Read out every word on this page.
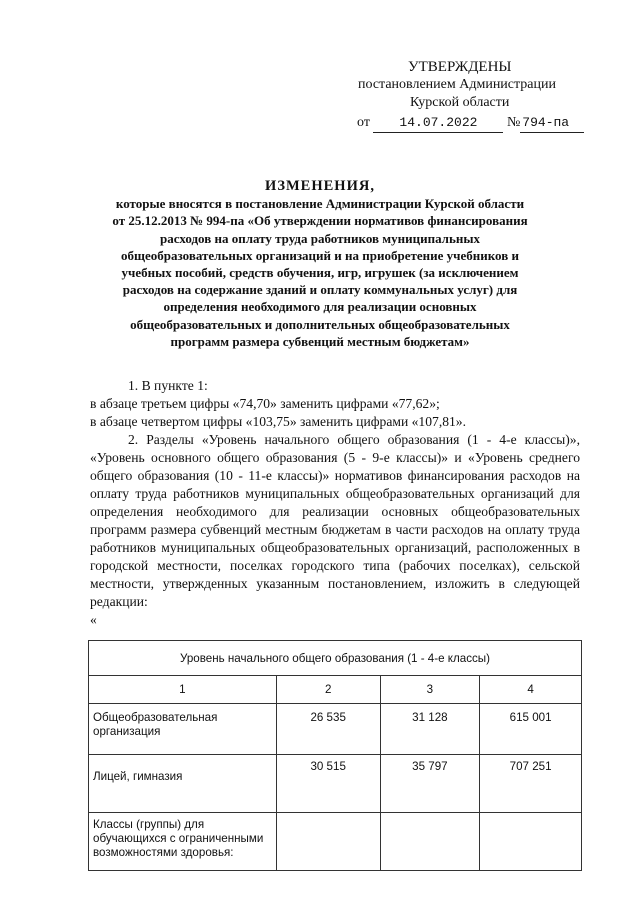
УТВЕРЖДЕНЫ
постановлением Администрации
Курской области
от 14.07.2022 № 794-па
ИЗМЕНЕНИЯ,
которые вносятся в постановление Администрации Курской области
от 25.12.2013 № 994-па «Об утверждении нормативов финансирования
расходов на оплату труда работников муниципальных
общеобразовательных организаций и на приобретение учебников и
учебных пособий, средств обучения, игр, игрушек (за исключением
расходов на содержание зданий и оплату коммунальных услуг) для
определения необходимого для реализации основных
общеобразовательных и дополнительных общеобразовательных
программ размера субвенций местным бюджетам»

1. В пункте 1:

в абзаце третьем цифры «74,70» заменить цифрами «77,62»;

в абзаце четвертом цифры «103,75» заменить цифрами «107,81».

2. Разделы «Уровень начального общего образования (1 - 4-е классы)», «Уровень основного общего образования (5 - 9-е классы)» и «Уровень среднего общего образования (10 - 11-е классы)» нормативов финансирования расходов на оплату труда работников муниципальных общеобразовательных организаций для определения необходимого для реализации основных общеобразовательных программ размера субвенций местным бюджетам в части расходов на оплату труда работников муниципальных общеобразовательных организаций, расположенных в городской местности, поселках городского типа (рабочих поселках), сельской местности, утвержденных указанным постановлением, изложить в следующей редакции:

«

Уровень начального общего образования (1 - 4-е классы)			
1	2	3	4
Общеобразовательная организация	26 535	31 128	615 001
Лицей, гимназия	30 515	35 797	707 251
Классы (группы) для обучающихся с ограниченными возможностями здоровья:			
